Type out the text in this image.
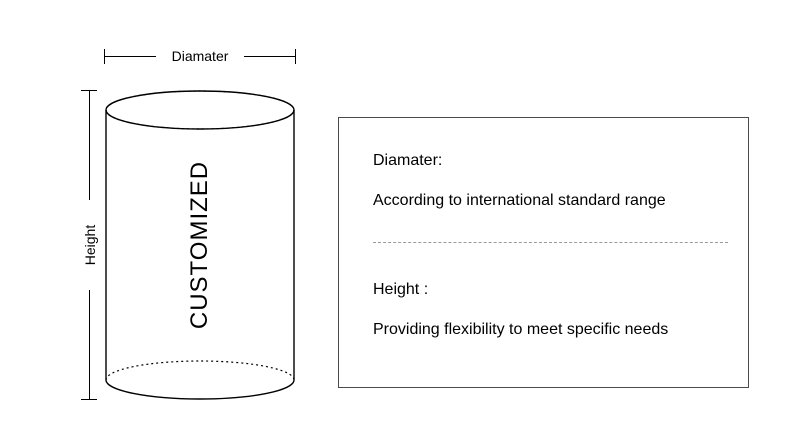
Diamater
Height	CUSTOMIZED

Diamater:

According to international standard range

Height :

Providing flexibility to meet specific needs
